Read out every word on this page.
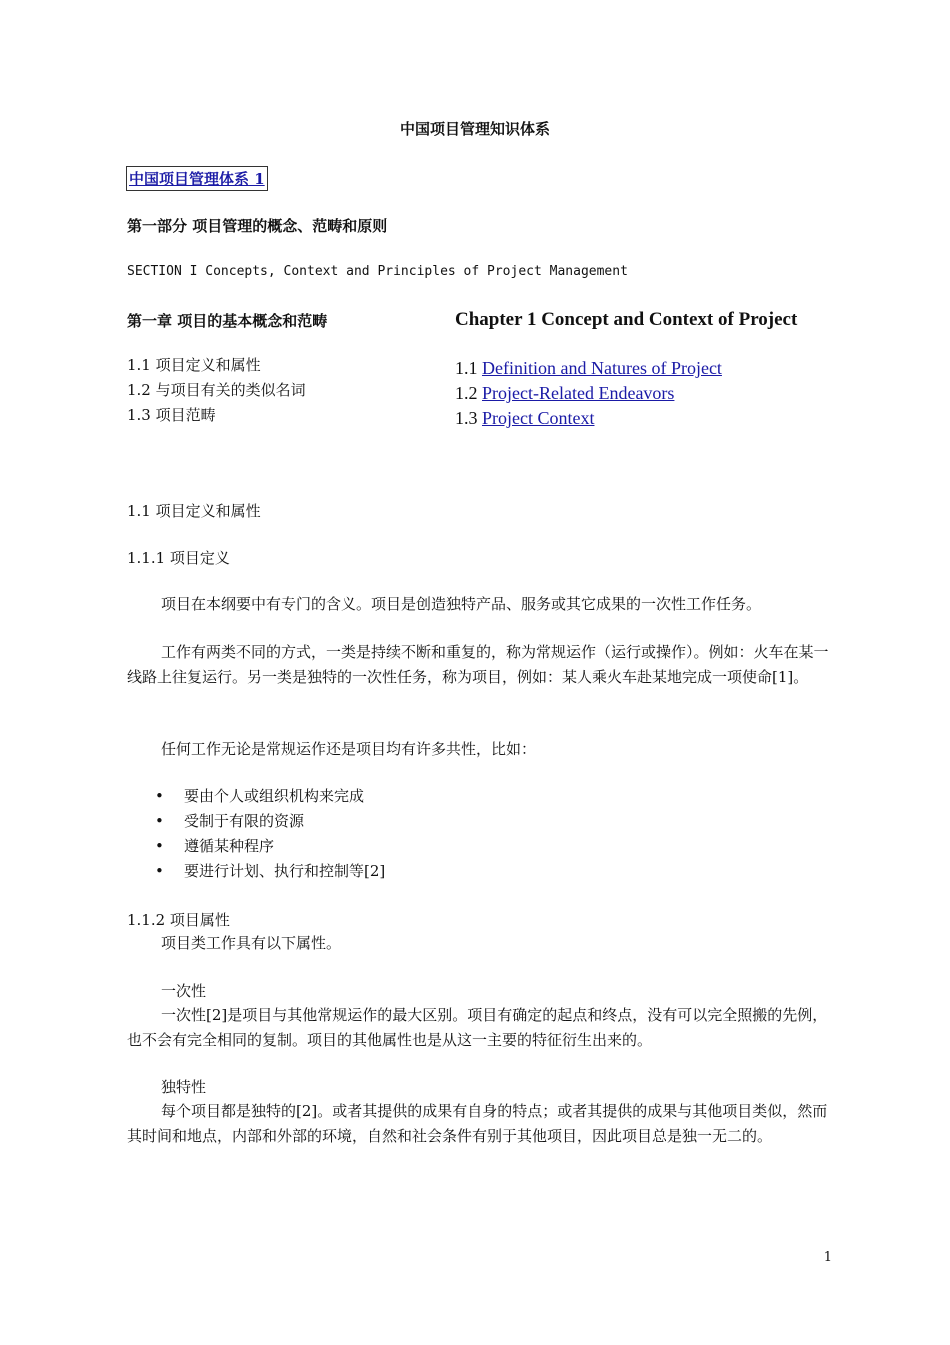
中国项目管理知识体系
中国项目管理体系 1
第一部分 项目管理的概念、范畴和原则
SECTION I Concepts, Context and Principles of Project Management
第一章 项目的基本概念和范畴	Chapter 1 Concept and Context of Project
1.1 项目定义和属性
1.2 与项目有关的类似名词
1.3 项目范畴
1.1 Definition and Natures of Project
1.2 Project-Related Endeavors
1.3 Project Context
1.1 项目定义和属性
1.1.1 项目定义
项目在本纲要中有专门的含义。项目是创造独特产品、服务或其它成果的一次性工作任务。
工作有两类不同的方式，一类是持续不断和重复的，称为常规运作（运行或操作）。例如：火车在某一线路上往复运行。另一类是独特的一次性任务，称为项目，例如：某人乘火车赴某地完成一项使命[1]。
任何工作无论是常规运作还是项目均有许多共性，比如：
• 要由个人或组织机构来完成
• 受制于有限的资源
• 遵循某种程序
• 要进行计划、执行和控制等[2]
1.1.2 项目属性
项目类工作具有以下属性。
一次性
一次性[2]是项目与其他常规运作的最大区别。项目有确定的起点和终点，没有可以完全照搬的先例，也不会有完全相同的复制。项目的其他属性也是从这一主要的特征衍生出来的。
独特性
每个项目都是独特的[2]。或者其提供的成果有自身的特点；或者其提供的成果与其他项目类似，然而其时间和地点，内部和外部的环境，自然和社会条件有别于其他项目，因此项目总是独一无二的。
1
